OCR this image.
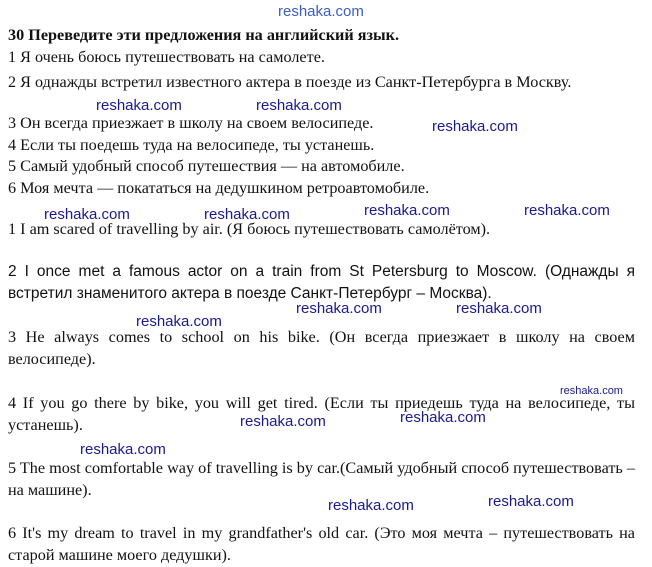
reshaka.com
30 Переведите эти предложения на английский язык.
1 Я очень боюсь путешествовать на самолете.
2 Я однажды встретил известного актера в поезде из Санкт-Петербурга в Москву.
3 Он всегда приезжает в школу на своем велосипеде.
4 Если ты поедешь туда на велосипеде, ты устанешь.
5 Самый удобный способ путешествия — на автомобиле.
6 Моя мечта — покататься на дедушкином ретроавтомобиле.
reshaka.com	reshaka.com
reshaka.com
reshaka.com	reshaka.com	reshaka.com	reshaka.com
1 I am scared of travelling by air. (Я боюсь путешествовать самолётом).
2 I once met a famous actor on a train from St Petersburg to Moscow. (Однажды я встретил знаменитого актера в поезде Санкт-Петербург – Москва).
reshaka.com	reshaka.com
reshaka.com
3 He always comes to school on his bike. (Он всегда приезжает в школу на своем велосипеде).
reshaka.com
4 If you go there by bike, you will get tired. (Если ты приедешь туда на велосипеде, ты устанешь).	reshaka.com
reshaka.com
reshaka.com
5 The most comfortable way of travelling is by car.(Самый удобный способ путешествовать – на машине).
reshaka.com
reshaka.com
6 It's my dream to travel in my grandfather's old car. (Это моя мечта – путешествовать на старой машине моего дедушки).
